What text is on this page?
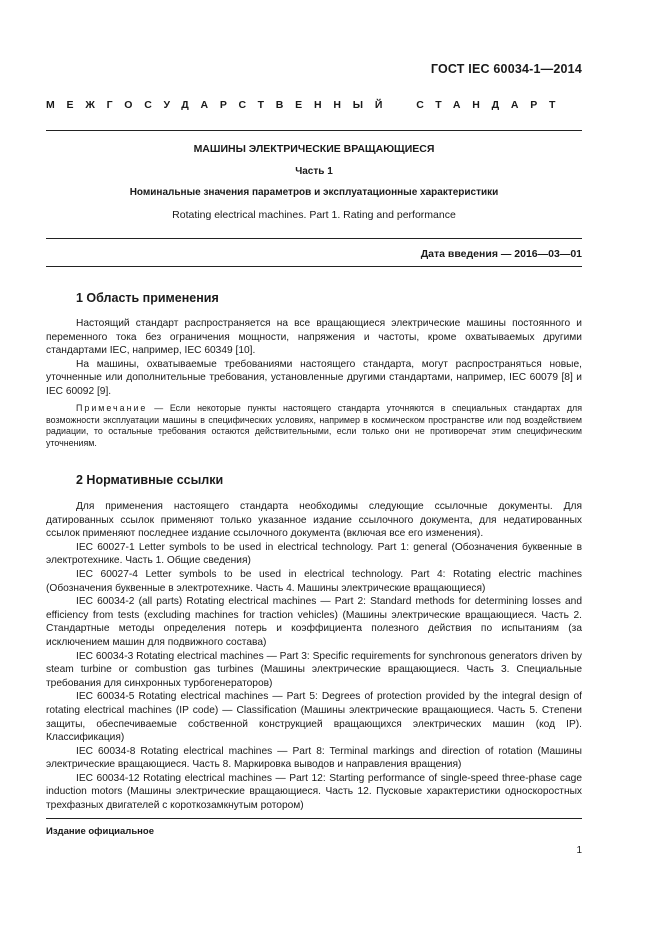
ГОСТ IEC 60034-1—2014
МЕЖГОСУДАРСТВЕННЫЙ СТАНДАРТ
МАШИНЫ ЭЛЕКТРИЧЕСКИЕ ВРАЩАЮЩИЕСЯ
Часть 1
Номинальные значения параметров и эксплуатационные характеристики
Rotating electrical machines. Part 1. Rating and performance
Дата введения — 2016—03—01
1 Область применения

Настоящий стандарт распространяется на все вращающиеся электрические машины постоянного и переменного тока без ограничения мощности, напряжения и частоты, кроме охватываемых другими стандартами IEC, например, IEC 60349 [10].

На машины, охватываемые требованиями настоящего стандарта, могут распространяться новые, уточненные или дополнительные требования, установленные другими стандартами, например, IEC 60079 [8] и IEC 60092 [9].

Примечание — Если некоторые пункты настоящего стандарта уточняются в специальных стандартах для возможности эксплуатации машины в специфических условиях, например в космическом пространстве или под воздействием радиации, то остальные требования остаются действительными, если только они не противоречат этим специфическим уточнениям.

2 Нормативные ссылки

Для применения настоящего стандарта необходимы следующие ссылочные документы. Для датированных ссылок применяют только указанное издание ссылочного документа, для недатированных ссылок применяют последнее издание ссылочного документа (включая все его изменения).

IEC 60027-1 Letter symbols to be used in electrical technology. Part 1: general (Обозначения буквенные в электротехнике. Часть 1. Общие сведения)

IEC 60027-4 Letter symbols to be used in electrical technology. Part 4: Rotating electric machines (Обозначения буквенные в электротехнике. Часть 4. Машины электрические вращающиеся)

IEC 60034-2 (all parts) Rotating electrical machines — Part 2: Standard methods for determining losses and efficiency from tests (excluding machines for traction vehicles) (Машины электрические вращающиеся. Часть 2. Стандартные методы определения потерь и коэффициента полезного действия по испытаниям (за исключением машин для подвижного состава)

IEC 60034-3 Rotating electrical machines — Part 3: Specific requirements for synchronous generators driven by steam turbine or combustion gas turbines (Машины электрические вращающиеся. Часть 3. Специальные требования для синхронных турбогенераторов)

IEC 60034-5 Rotating electrical machines — Part 5: Degrees of protection provided by the integral design of rotating electrical machines (IP code) — Classification (Машины электрические вращающиеся. Часть 5. Степени защиты, обеспечиваемые собственной конструкцией вращающихся электрических машин (код IP). Классификация)

IEC 60034-8 Rotating electrical machines — Part 8: Terminal markings and direction of rotation (Машины электрические вращающиеся. Часть 8. Маркировка выводов и направления вращения)

IEC 60034-12 Rotating electrical machines — Part 12: Starting performance of single-speed three-phase cage induction motors (Машины электрические вращающиеся. Часть 12. Пусковые характеристики односкоростных трехфазных двигателей с короткозамкнутым ротором)

Издание официальное
1
